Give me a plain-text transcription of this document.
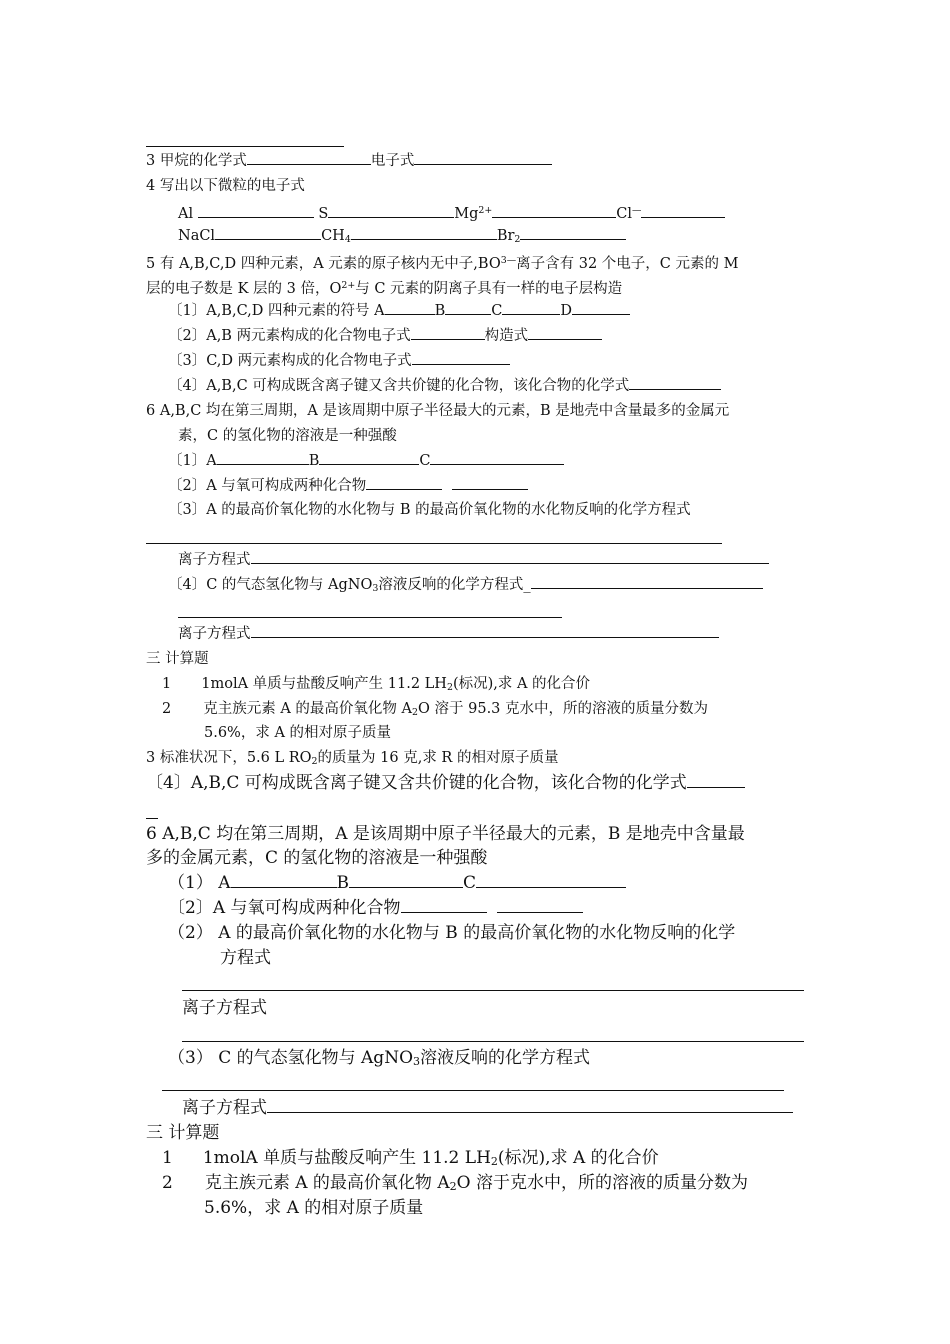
3 甲烷的化学式	电子式
4 写出以下微粒的电子式
Al	S	$Mg^{2+}$	Cl—
NaCl	$CH_4$	$Br_2$
5 有 A,B,C,D 四种元素，A 元素的原子核内无中子$,BO^{3—}$离子含有 32 个电子，C 元素的 M
层的电子数是 K 层的 3 倍，$O^{2+}$与 C 元素的阴离子具有一样的电子层构造
〔1〕A,B,C,D 四种元素的符号 A	B	C	D
〔2〕A,B 两元素构成的化合物电子式	构造式
〔3〕C,D 两元素构成的化合物电子式
〔4〕A,B,C 可构成既含离子键又含共价键的化合物，该化合物的化学式
6 A,B,C 均在第三周期，A 是该周期中原子半径最大的元素，B 是地壳中含量最多的金属元
素，C 的氢化物的溶液是一种强酸
〔1〕A	B	C
〔2〕A 与氧可构成两种化合物
〔3〕A 的最高价氧化物的水化物与 B 的最高价氧化物的水化物反响的化学方程式
离子方程式
〔4〕C 的气态氢化物与 AgNO$_3$溶液反响的化学方程式_
离子方程式
三 计算题
1 1molA 单质与盐酸反响产生 11.2 $LH_2$(标况),求 A 的化合价
2 克主族元素 A 的最高价氧化物 $A_2O$ 溶于 95.3 克水中，所的溶液的质量分数为
5.6%，求 A 的相对原子质量
3 标准状况下，5.6 L $RO_2$的质量为 16 克,求 R 的相对原子质量
〔4〕A,B,C 可构成既含离子键又含共价键的化合物，该化合物的化学式
6 A,B,C 均在第三周期，A 是该周期中原子半径最大的元素，B 是地壳中含量最
多的金属元素，C 的氢化物的溶液是一种强酸
（1） A	B	C
〔2〕A 与氧可构成两种化合物
（2） A 的最高价氧化物的水化物与 B 的最高价氧化物的水化物反响的化学
方程式
离子方程式
（3） C 的气态氢化物与 AgNO$_3$溶液反响的化学方程式
离子方程式
三 计算题
1 1molA 单质与盐酸反响产生 11.2 $LH_2$(标况),求 A 的化合价
2 克主族元素 A 的最高价氧化物 $A_2O$ 溶于克水中，所的溶液的质量分数为
5.6%，求 A 的相对原子质量
